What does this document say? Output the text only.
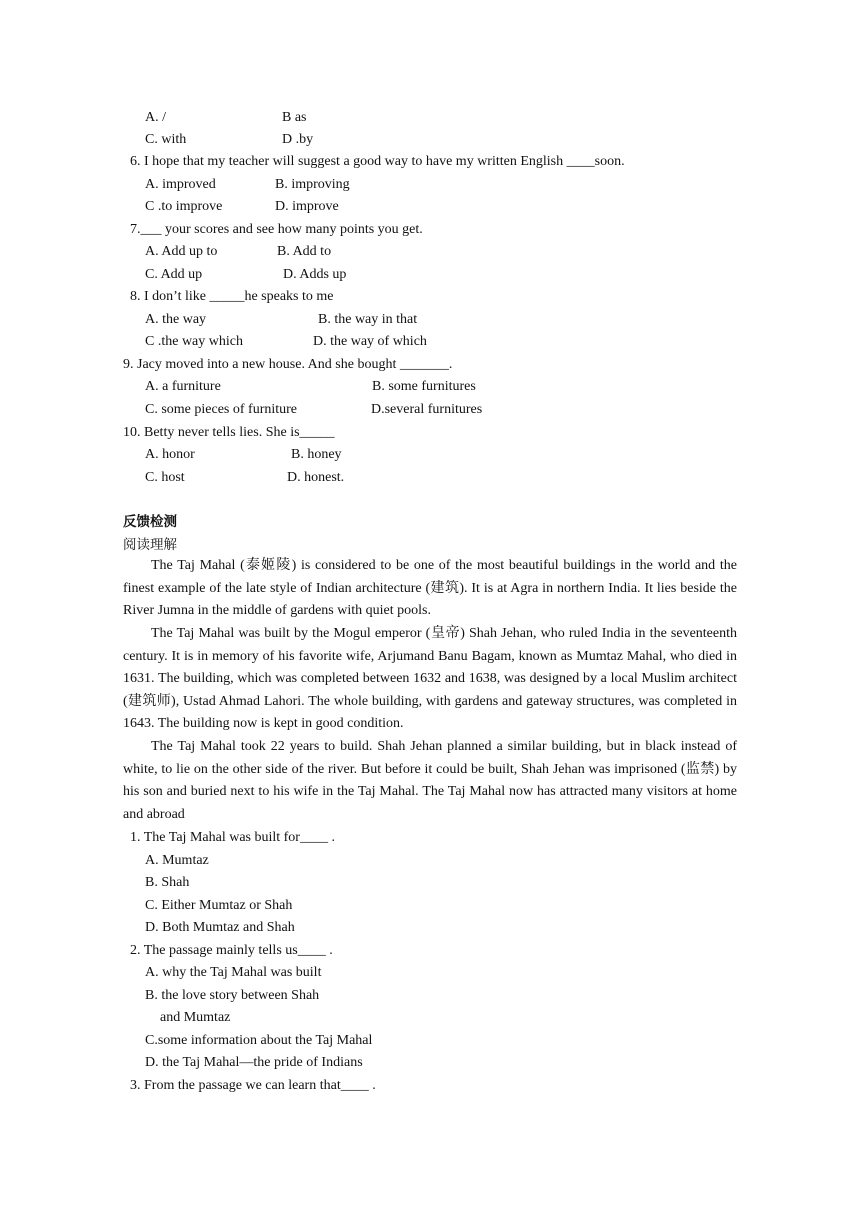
A. /	B as
C. with	D .by
6. I hope that my teacher will suggest a good way to have my written English ____soon.
A. improved	B. improving
C .to improve	D. improve
7.___ your scores and see how many points you get.
A. Add up to	B. Add to
C. Add up	D. Adds up
8. I don’t like _____he speaks to me
A. the way	B. the way in that
C .the way which	D. the way of which
9. Jacy moved into a new house. And she bought _______.
A. a furniture	B. some furnitures
C. some pieces of furniture	D.several furnitures
10. Betty never tells lies. She is_____
A. honor	B. honey
C. host	D. honest.
反馈检测
阅读理解
The Taj Mahal (泰姬陵) is considered to be one of the most beautiful buildings in the world and the finest example of the late style of Indian architecture (建筑). It is at Agra in northern India. It lies beside the River Jumna in the middle of gardens with quiet pools.
The Taj Mahal was built by the Mogul emperor (皇帝) Shah Jehan, who ruled India in the seventeenth century. It is in memory of his favorite wife, Arjumand Banu Bagam, known as Mumtaz Mahal, who died in 1631. The building, which was completed between 1632 and 1638, was designed by a local Muslim architect (建筑师), Ustad Ahmad Lahori. The whole building, with gardens and gateway structures, was completed in 1643. The building now is kept in good condition.
The Taj Mahal took 22 years to build. Shah Jehan planned a similar building, but in black instead of white, to lie on the other side of the river. But before it could be built, Shah Jehan was imprisoned (监禁) by his son and buried next to his wife in the Taj Mahal. The Taj Mahal now has attracted many visitors at home and abroad
1. The Taj Mahal was built for____ .
A. Mumtaz
B. Shah
C. Either Mumtaz or Shah
D. Both Mumtaz and Shah
2. The passage mainly tells us____ .
A. why the Taj Mahal was built
B. the love story between Shah
and Mumtaz
C.some information about the Taj Mahal
D. the Taj Mahal—the pride of Indians
3. From the passage we can learn that____ .
